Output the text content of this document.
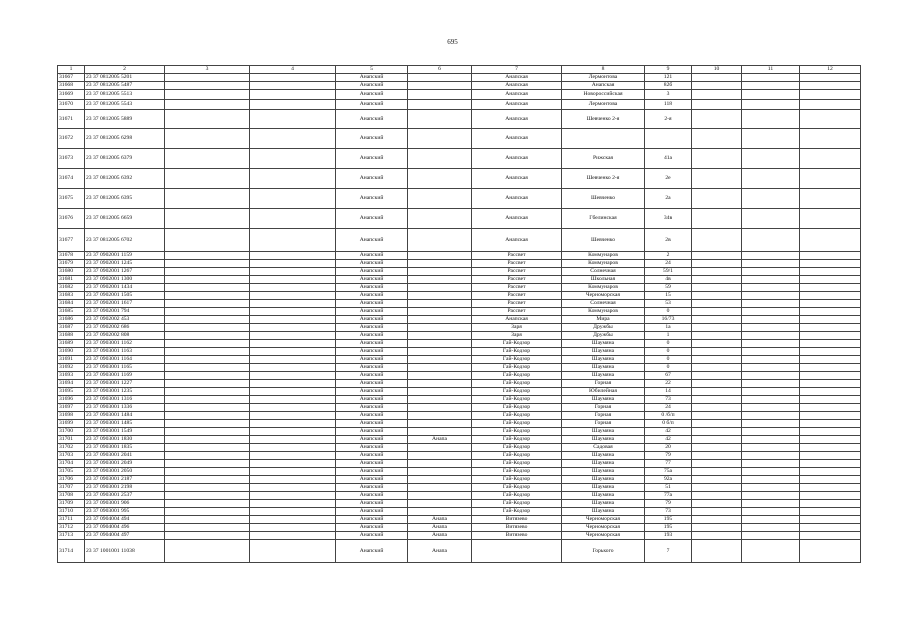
695
1	2	3	4	5	6	7	8	9	10	11	12
31667	23 37 0812005 5201			Анапский		Анапская	Лермонтова	121			
31668	23 37 0812005 5487			Анапский		Анапская	Анапская	82б			
31669	23 37 0812005 5513			Анапский		Анапская	Новороссийская	3			
31670	23 37 0812005 5543			Анапский		Анапская	Лермонтова	118			
31671	23 37 0812005 5889			Анапский		Анапская	Шевченко 2-я	2-я			
31672	23 37 0812005 6298			Анапский		Анапская					
31673	23 37 0812005 6379			Анапский		Анапская	Рижская	41а			
31674	23 37 0812005 6392			Анапский		Анапская	Шевченко 2-я	2е			
31675	23 37 0812005 6395			Анапский		Анапская	Шевченко	2а			
31676	23 37 0812005 6659			Анапский		Анапская	Гбелинская	34в			
31677	23 37 0812005 6702			Анапский		Анапская	Шевченко	2в			
31678	23 37 0902001 1159			Анапский		Рассвет	Коммунаров	2			
31679	23 37 0902001 1245			Анапский		Рассвет	Коммунаров	24			
31680	23 37 0902001 1267			Анапский		Рассвет	Солнечная	59/1			
31681	23 37 0902001 1300			Анапский		Рассвет	Школьная	4в			
31682	23 37 0902001 1434			Анапский		Рассвет	Коммунаров	59			
31683	23 37 0902001 1505			Анапский		Рассвет	Черноморская	15			
31684	23 37 0902001 1617			Анапский		Рассвет	Солнечная	53			
31685	23 37 0902001 794			Анапский		Рассвет	Коммунаров	0			
31686	23 37 0902002 453			Анапский		Анапская	Мира	16/73			
31687	23 37 0902002 686			Анапский		Заря	Дружбы	1а			
31688	23 37 0902002 808			Анапский		Заря	Дружбы	1			
31689	23 37 0903001 1162			Анапский		Гай-Кодзор	Шаумяна	0			
31690	23 37 0903001 1163			Анапский		Гай-Кодзор	Шаумяна	0			
31691	23 37 0903001 1164			Анапский		Гай-Кодзор	Шаумяна	0			
31692	23 37 0903001 1165			Анапский		Гай-Кодзор	Шаумяна	0			
31693	23 37 0903001 1169			Анапский		Гай-Кодзор	Шаумяна	67			
31694	23 37 0903001 1227			Анапский		Гай-Кодзор	Горная	22			
31695	23 37 0903001 1235			Анапский		Гай-Кодзор	Юбилейная	14			
31696	23 37 0903001 1316			Анапский		Гай-Кодзор	Шаумяна	73			
31697	23 37 0903001 1336			Анапский		Гай-Кодзор	Горная	24			
31698	23 37 0903001 1484			Анапский		Гай-Кодзор	Горная	0 /б/п			
31699	23 37 0903001 1485			Анапский		Гай-Кодзор	Горная	0 б/п			
31700	23 37 0903001 1549			Анапский		Гай-Кодзор	Шаумяна	42			
31701	23 37 0903001 1830			Анапский	Анапа	Гай-Кодзор	Шаумяна	42			
31702	23 37 0903001 1835			Анапский		Гай-Кодзор	Садовая	20			
31703	23 37 0903001 2041			Анапский		Гай-Кодзор	Шаумяна	79			
31704	23 37 0903001 2049			Анапский		Гай-Кодзор	Шаумяна	77			
31705	23 37 0903001 2050			Анапский		Гай-Кодзор	Шаумяна	75а			
31706	23 37 0903001 2187			Анапский		Гай-Кодзор	Шаумяна	92а			
31707	23 37 0903001 2198			Анапский		Гай-Кодзор	Шаумяна	51			
31708	23 37 0903001 2537			Анапский		Гай-Кодзор	Шаумяна	77а			
31709	23 37 0903001 906			Анапский		Гай-Кодзор	Шаумяна	79			
31710	23 37 0903001 995			Анапский		Гай-Кодзор	Шаумяна	73			
31711	23 37 0904004 494			Анапский	Анапа	Витязево	Черноморская	195			
31712	23 37 0904004 496			Анапский	Анапа	Витязево	Черноморская	195			
31713	23 37 0904004 497			Анапский	Анапа	Витязево	Черноморская	193			
31714	23 37 1001001 11038			Анапский	Анапа		Горького	7			
